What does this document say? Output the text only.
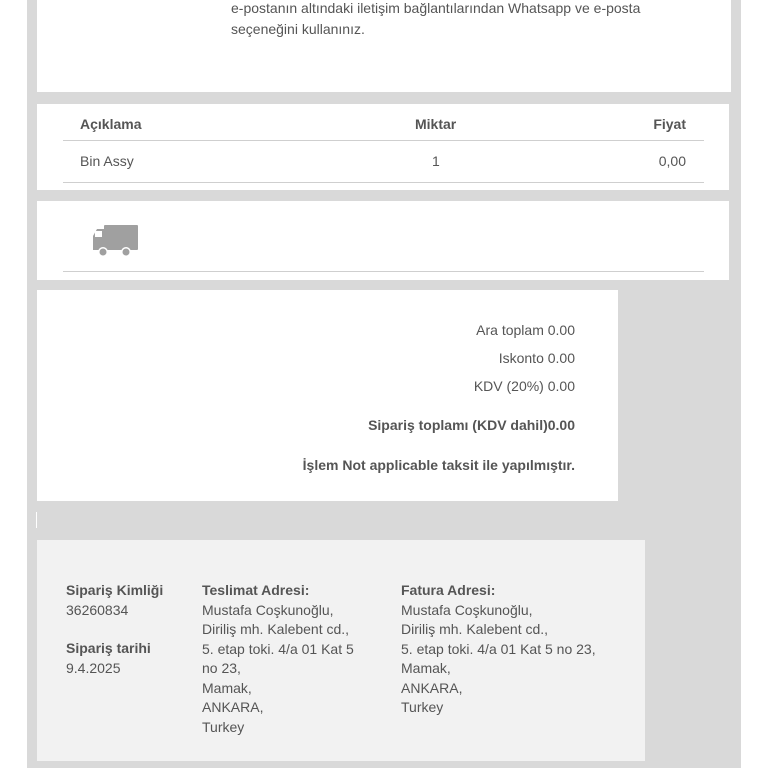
e-postanın altındaki iletişim bağlantılarından Whatsapp ve e-posta
seçeneğini kullanınız.
Açıklama	Miktar	Fiyat
Bin Assy	1	0,00
Ara toplam 0.00
Iskonto 0.00
KDV (20%) 0.00
Sipariş toplamı (KDV dahil)0.00
İşlem Not applicable taksit ile yapılmıştır.
Sipariş Kimliği
36260834
Sipariş tarihi
9.4.2025
Teslimat Adresi:
Mustafa Coşkunoğlu,
Diriliş mh. Kalebent cd.,
5. etap toki. 4/a 01 Kat 5
no 23,
Mamak,
ANKARA,
Turkey
Fatura Adresi:
Mustafa Coşkunoğlu,
Diriliş mh. Kalebent cd.,
5. etap toki. 4/a 01 Kat 5 no 23,
Mamak,
ANKARA,
Turkey
